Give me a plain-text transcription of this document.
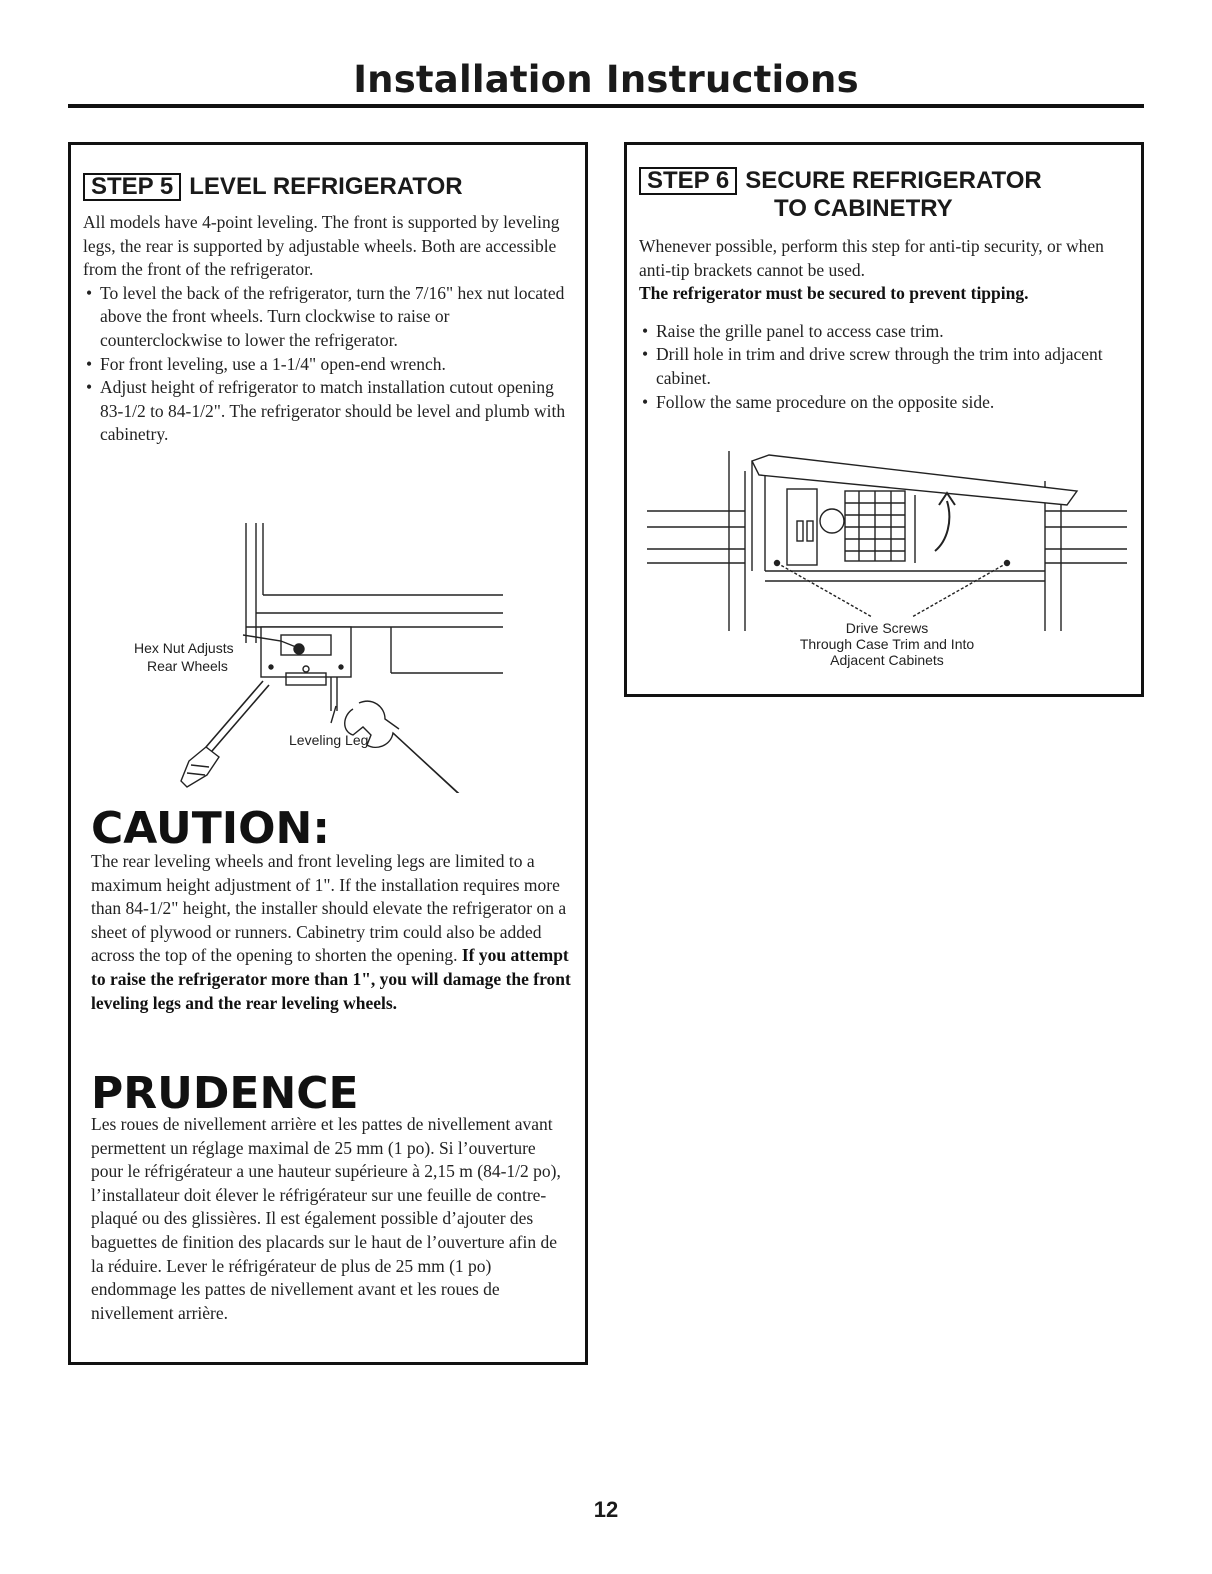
Installation Instructions
STEP 5 LEVEL REFRIGERATOR

All models have 4-point leveling. The front is supported by leveling legs, the rear is supported by adjustable wheels. Both are accessible from the front of the refrigerator.

• To level the back of the refrigerator, turn the 7/16" hex nut located above the front wheels. Turn clockwise to raise or counterclockwise to lower the refrigerator.
• For front leveling, use a 1-1/4" open-end wrench.
• Adjust height of refrigerator to match installation cutout opening 83-1/2 to 84-1/2". The refrigerator should be level and plumb with cabinetry.
Hex Nut Adjusts
Rear Wheels
Leveling Leg
CAUTION:
The rear leveling wheels and front leveling legs are limited to a maximum height adjustment of 1". If the installation requires more than 84-1/2" height, the installer should elevate the refrigerator on a sheet of plywood or runners. Cabinetry trim could also be added across the top of the opening to shorten the opening. If you attempt to raise the refrigerator more than 1", you will damage the front leveling legs and the rear leveling wheels.
PRUDENCE
Les roues de nivellement arrière et les pattes de nivellement avant permettent un réglage maximal de 25 mm (1 po). Si l’ouverture pour le réfrigérateur a une hauteur supérieure à 2,15 m (84-1/2 po), l’installateur doit élever le réfrigérateur sur une feuille de contre-plaqué ou des glissières. Il est également possible d’ajouter des baguettes de finition des placards sur le haut de l’ouverture afin de la réduire. Lever le réfrigérateur de plus de 25 mm (1 po) endommage les pattes de nivellement avant et les roues de nivellement arrière.
STEP 6 SECURE REFRIGERATOR
TO CABINETRY

Whenever possible, perform this step for anti-tip security, or when anti-tip brackets cannot be used.

The refrigerator must be secured to prevent tipping.

• Raise the grille panel to access case trim.
• Drill hole in trim and drive screw through the trim into adjacent cabinet.
• Follow the same procedure on the opposite side.
Drive Screws
Through Case Trim and Into
Adjacent Cabinets
12
